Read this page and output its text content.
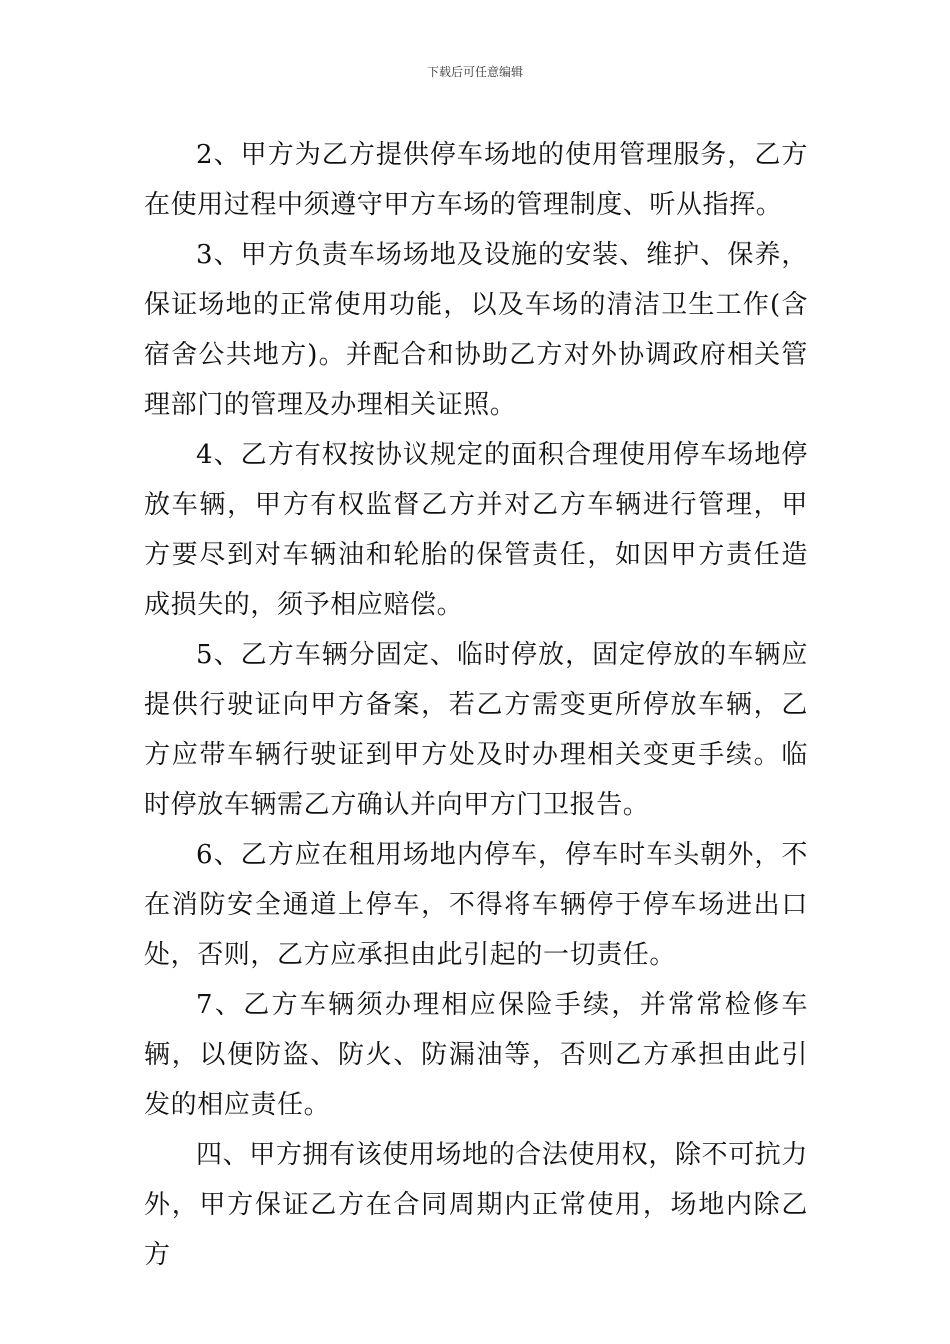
下载后可任意编辑

2、甲方为乙方提供停车场地的使用管理服务，乙方在使用过程中须遵守甲方车场的管理制度、听从指挥。

3、甲方负责车场场地及设施的安装、维护、保养，保证场地的正常使用功能，以及车场的清洁卫生工作(含宿舍公共地方)。并配合和协助乙方对外协调政府相关管理部门的管理及办理相关证照。

4、乙方有权按协议规定的面积合理使用停车场地停放车辆，甲方有权监督乙方并对乙方车辆进行管理，甲方要尽到对车辆油和轮胎的保管责任，如因甲方责任造成损失的，须予相应赔偿。

5、乙方车辆分固定、临时停放，固定停放的车辆应提供行驶证向甲方备案，若乙方需变更所停放车辆，乙方应带车辆行驶证到甲方处及时办理相关变更手续。临时停放车辆需乙方确认并向甲方门卫报告。

6、乙方应在租用场地内停车，停车时车头朝外，不在消防安全通道上停车，不得将车辆停于停车场进出口处，否则，乙方应承担由此引起的一切责任。

7、乙方车辆须办理相应保险手续，并常常检修车辆，以便防盗、防火、防漏油等，否则乙方承担由此引发的相应责任。

四、甲方拥有该使用场地的合法使用权，除不可抗力外，甲方保证乙方在合同周期内正常使用，场地内除乙方
